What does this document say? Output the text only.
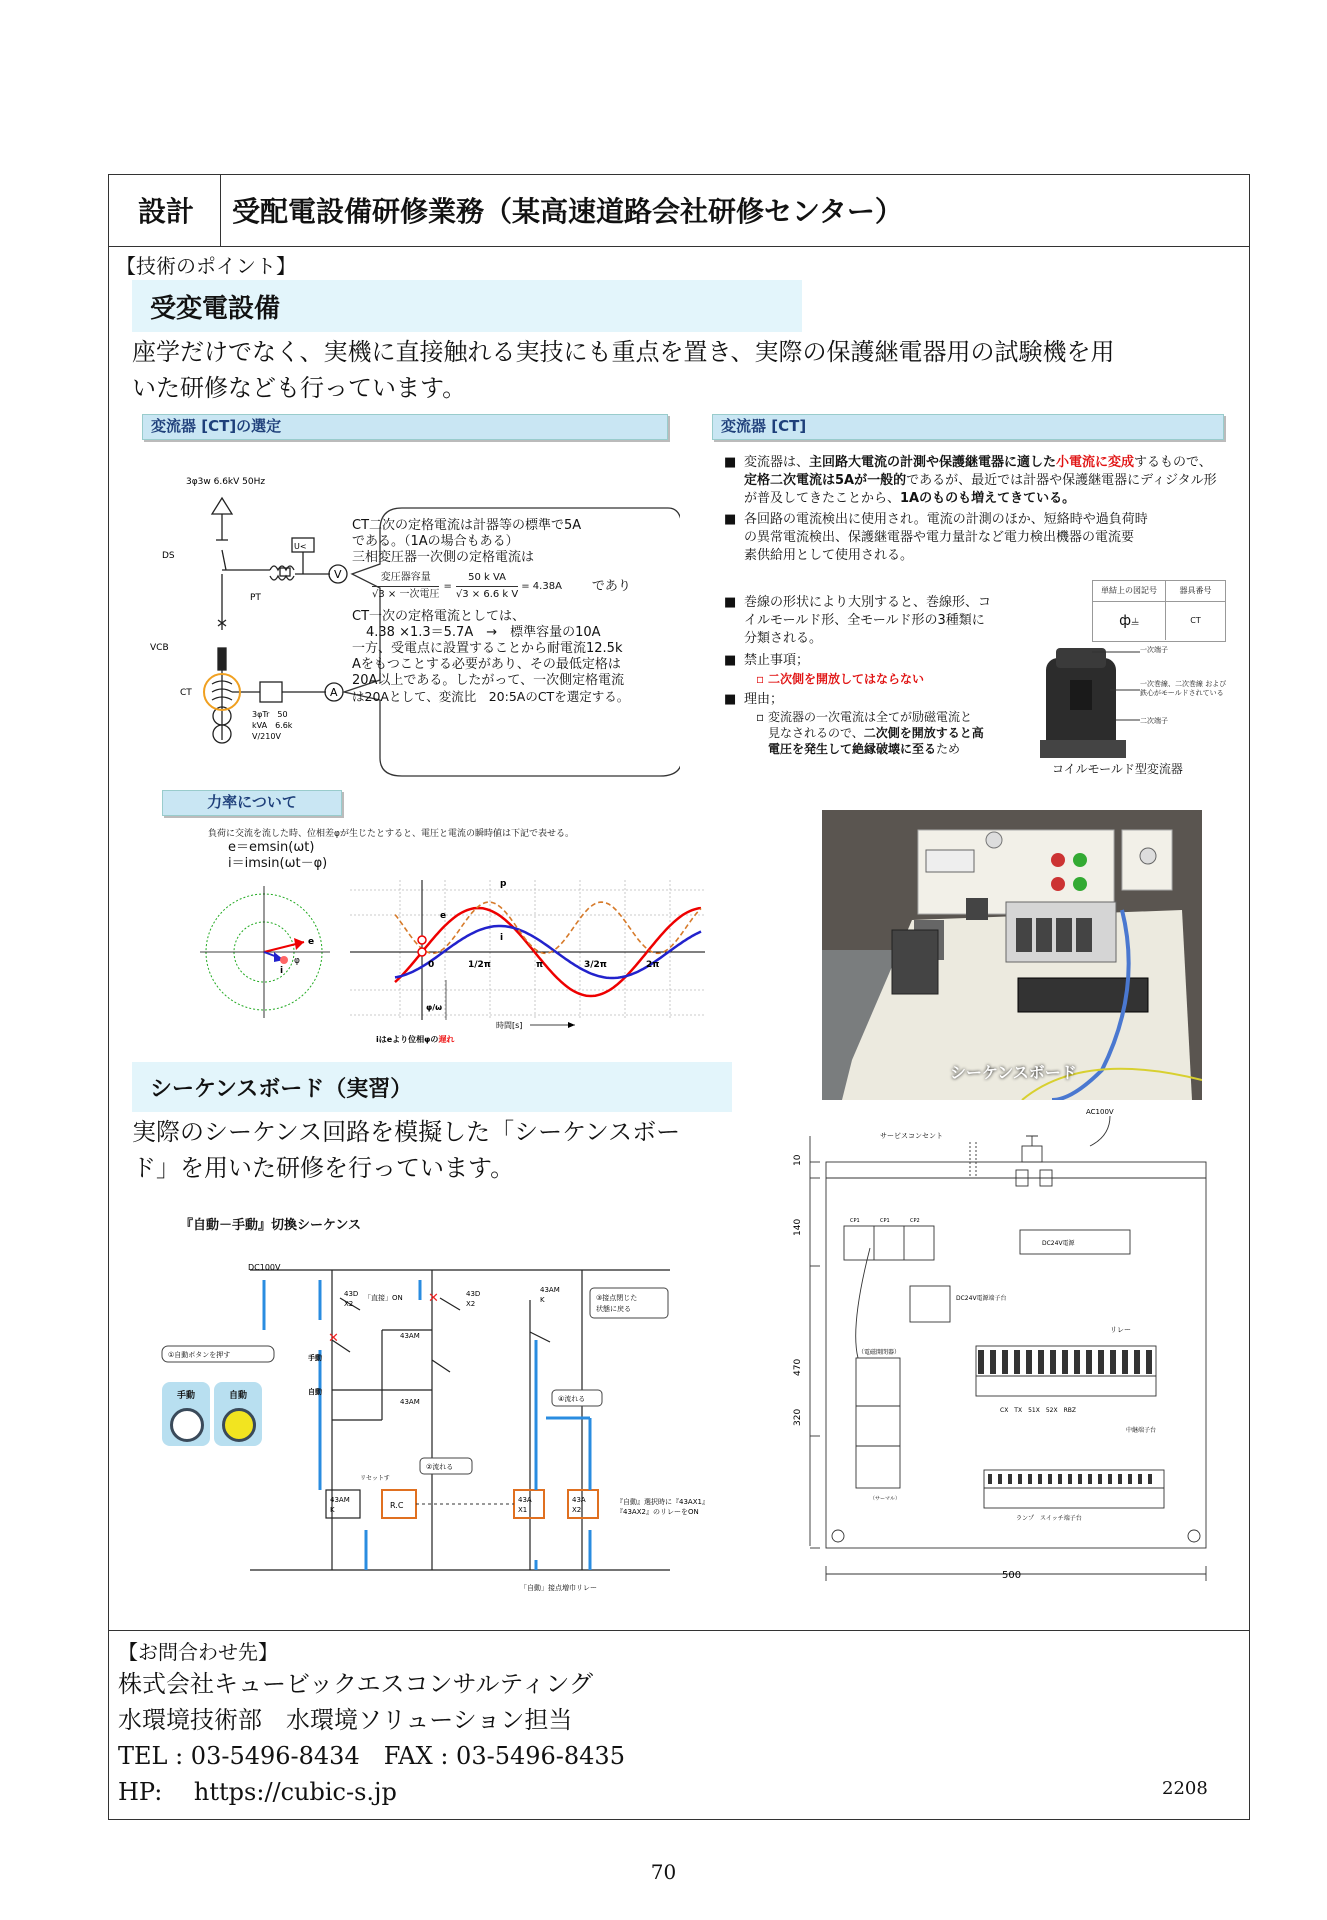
設計	受配電設備研修業務（某高速道路会社研修センター）
【技術のポイント】
受変電設備
座学だけでなく、実機に直接触れる実技にも重点を置き、実際の保護継電器用の試験機を用
いた研修なども行っています。
変流器 [CT]の選定
3φ3w 6.6kV 50Hz
DS
PT
VCB
CT
U<
V
A
3φTr　50
kVA　6.6k
V/210V
CT二次の定格電流は計器等の標準で5A
である。（1Aの場合もある）
三相変圧器一次側の定格電流は
変圧器容量
√3 × 一次電圧
= $\frac{\text{50 k VA}}{\text{√3 × 6.6 k V}} = 4.38A$ であり
CT一次の定格電流としては、
4.38 ×1.3＝5.7A　→　標準容量の10A
一方、受電点に設置することから耐電流12.5k
Aをもつことする必要があり、その最低定格は
20A以上である。したがって、一次側定格電流
は20Aとして、変流比　20:5AのCTを選定する。
変流器 [CT]
■ 変流器は、主回路大電流の計測や保護継電器に適した小電流に変成するもので、定格二次電流は5Aが一般的であるが、最近では計器や保護継電器にディジタル形が普及してきたことから、1Aのものも増えてきている。
■ 各回路の電流検出に使用され。電流の計測のほか、短絡時や過負荷時
の異常電流検出、保護継電器や電力量計など電力検出機器の電流要
素供給用として使用される。
■ 巻線の形状により大別すると、巻線形、コ
イルモールド形、全モールド形の3種類に
分類される。
■ 禁止事項；
▫ 二次側を開放してはならない
■ 理由；
▫ 変流器の一次電流は全てが励磁電流と
見なされるので、二次側を開放すると高
電圧を発生して絶縁破壊に至るため
単結上の図記号	器具番号
ф⫨	CT
一次端子
一次巻線、二次巻線 および
鉄心がモールドされている
二次端子
コイルモールド型変流器
力率について
負荷に交流を流した時、位相差φが生じたとすると、電圧と電流の瞬時値は下記で表せる。
e＝emsin(ωt)
i＝imsin(ωt－φ)
e
i
φ
p
e
i
0	1/2π	π	3/2π	2π
φ/ω
時間[s]
iはeより位相φの遅れ
シーケンスボード
シーケンスボード（実習）
実際のシーケンス回路を模擬した「シーケンスボー
ド」を用いた研修を行っています。
『自動－手動』切換シーケンス
✕
✕
DC100V
43D
X2
「直接」ON	43D
X2
43AM
K	③接点閉じた
状態に戻る
43AM
①自動ボタンを押す	手動
自動
43AM	④流れる
リセットす
②流れる
43AM
K	R.C
43A
X1
43A
X2
『自動』選択時に『43AX1』
『43AX2』のリレーをON
「自動」接点増巾リレー
手動	自動
AC100V
サービスコンセント
10
140
470
320
500
CP1	CP1	CP2
DC24V電源
DC24V電源端子台
リレー
（電磁開閉器）
CX　TX　51X　52X　RBZ
中継端子台
（サーマル）
ランプ　スイッチ端子台
【お問合わせ先】
株式会社キュービックエスコンサルティング
水環境技術部　水環境ソリューション担当
TEL : 03-5496-8434　FAX : 03-5496-8435
HP:　 https://cubic-s.jp	2208
70
